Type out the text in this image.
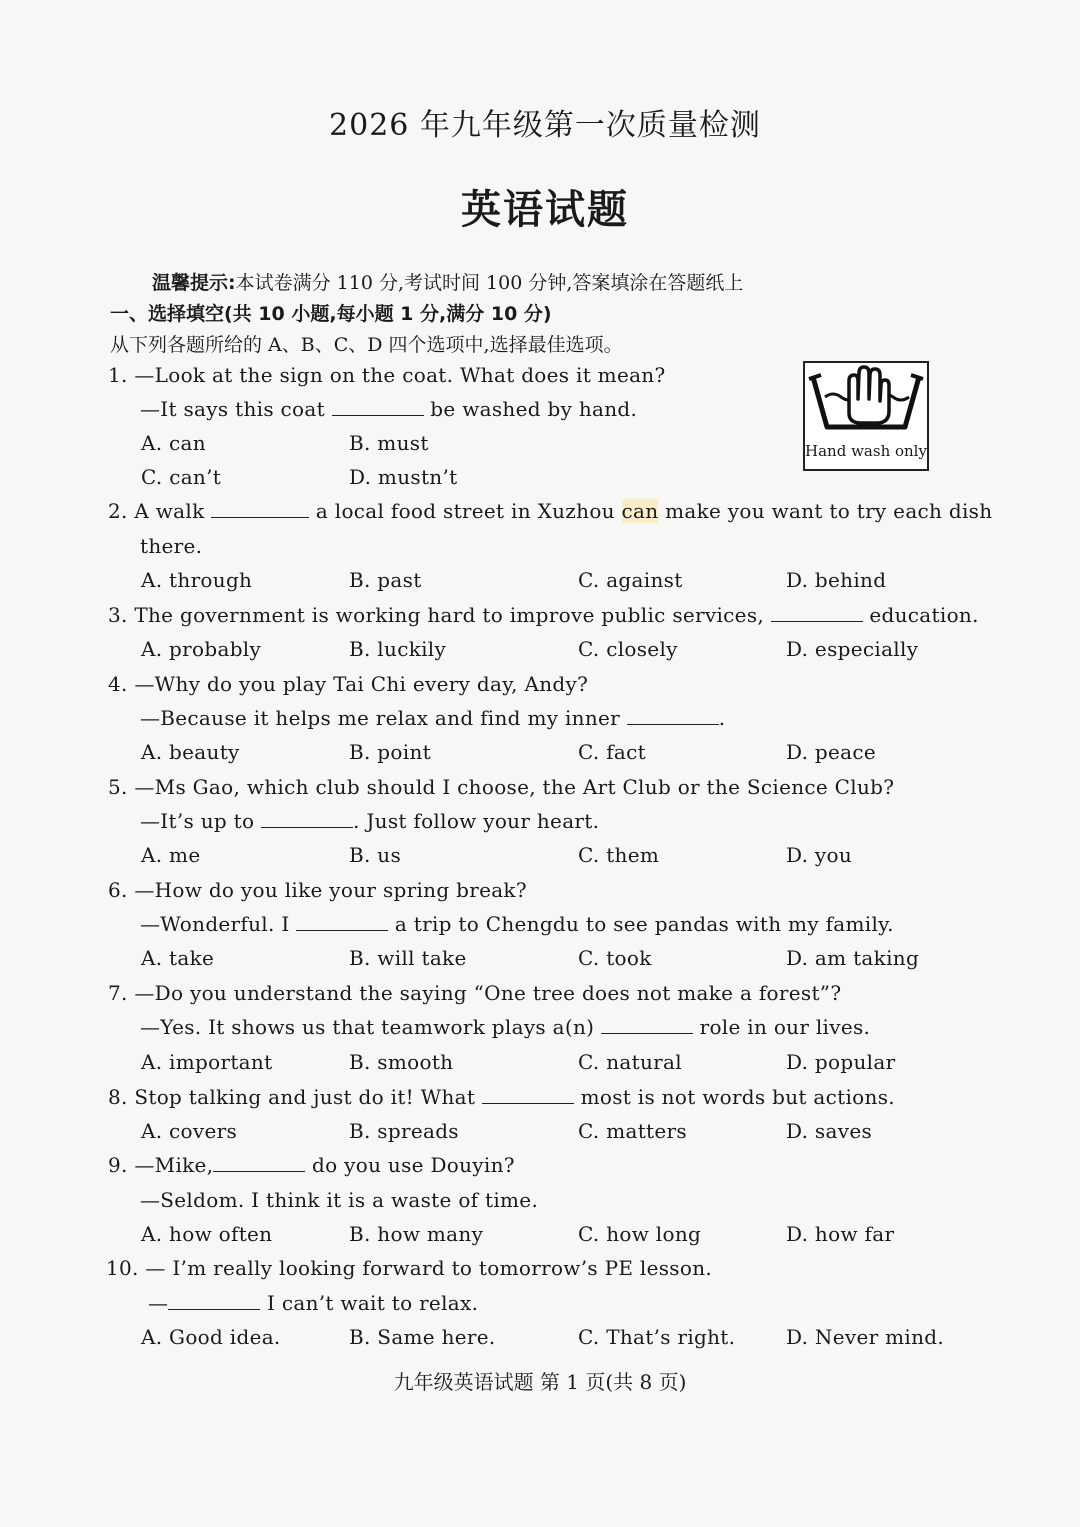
2026 年九年级第一次质量检测
英语试题
温馨提示:本试卷满分 110 分,考试时间 100 分钟,答案填涂在答题纸上
一、选择填空(共 10 小题,每小题 1 分,满分 10 分)
从下列各题所给的 A、B、C、D 四个选项中,选择最佳选项。
Hand wash only
1. —Look at the sign on the coat. What does it mean?
—It says this coat	be washed by hand.
A. can	B. must
C. can’t	D. mustn’t
2. A walk	a local food street in Xuzhou can make you want to try each dish
there.
A. through	B. past	C. against	D. behind
3. The government is working hard to improve public services,	education.
A. probably	B. luckily	C. closely	D. especially
4. —Why do you play Tai Chi every day, Andy?
—Because it helps me relax and find my inner	.
A. beauty	B. point	C. fact	D. peace
5. —Ms Gao, which club should I choose, the Art Club or the Science Club?
—It’s up to	. Just follow your heart.
A. me	B. us	C. them	D. you
6. —How do you like your spring break?
—Wonderful. I	a trip to Chengdu to see pandas with my family.
A. take	B. will take	C. took	D. am taking
7. —Do you understand the saying “One tree does not make a forest”?
—Yes. It shows us that teamwork plays a(n)	role in our lives.
A. important	B. smooth	C. natural	D. popular
8. Stop talking and just do it! What	most is not words but actions.
A. covers	B. spreads	C. matters	D. saves
9. —Mike,	do you use Douyin?
—Seldom. I think it is a waste of time.
A. how often	B. how many	C. how long	D. how far
10. — I’m really looking forward to tomorrow’s PE lesson.
—	I can’t wait to relax.
A. Good idea.	B. Same here.	C. That’s right.	D. Never mind.
九年级英语试题 第 1 页(共 8 页)
